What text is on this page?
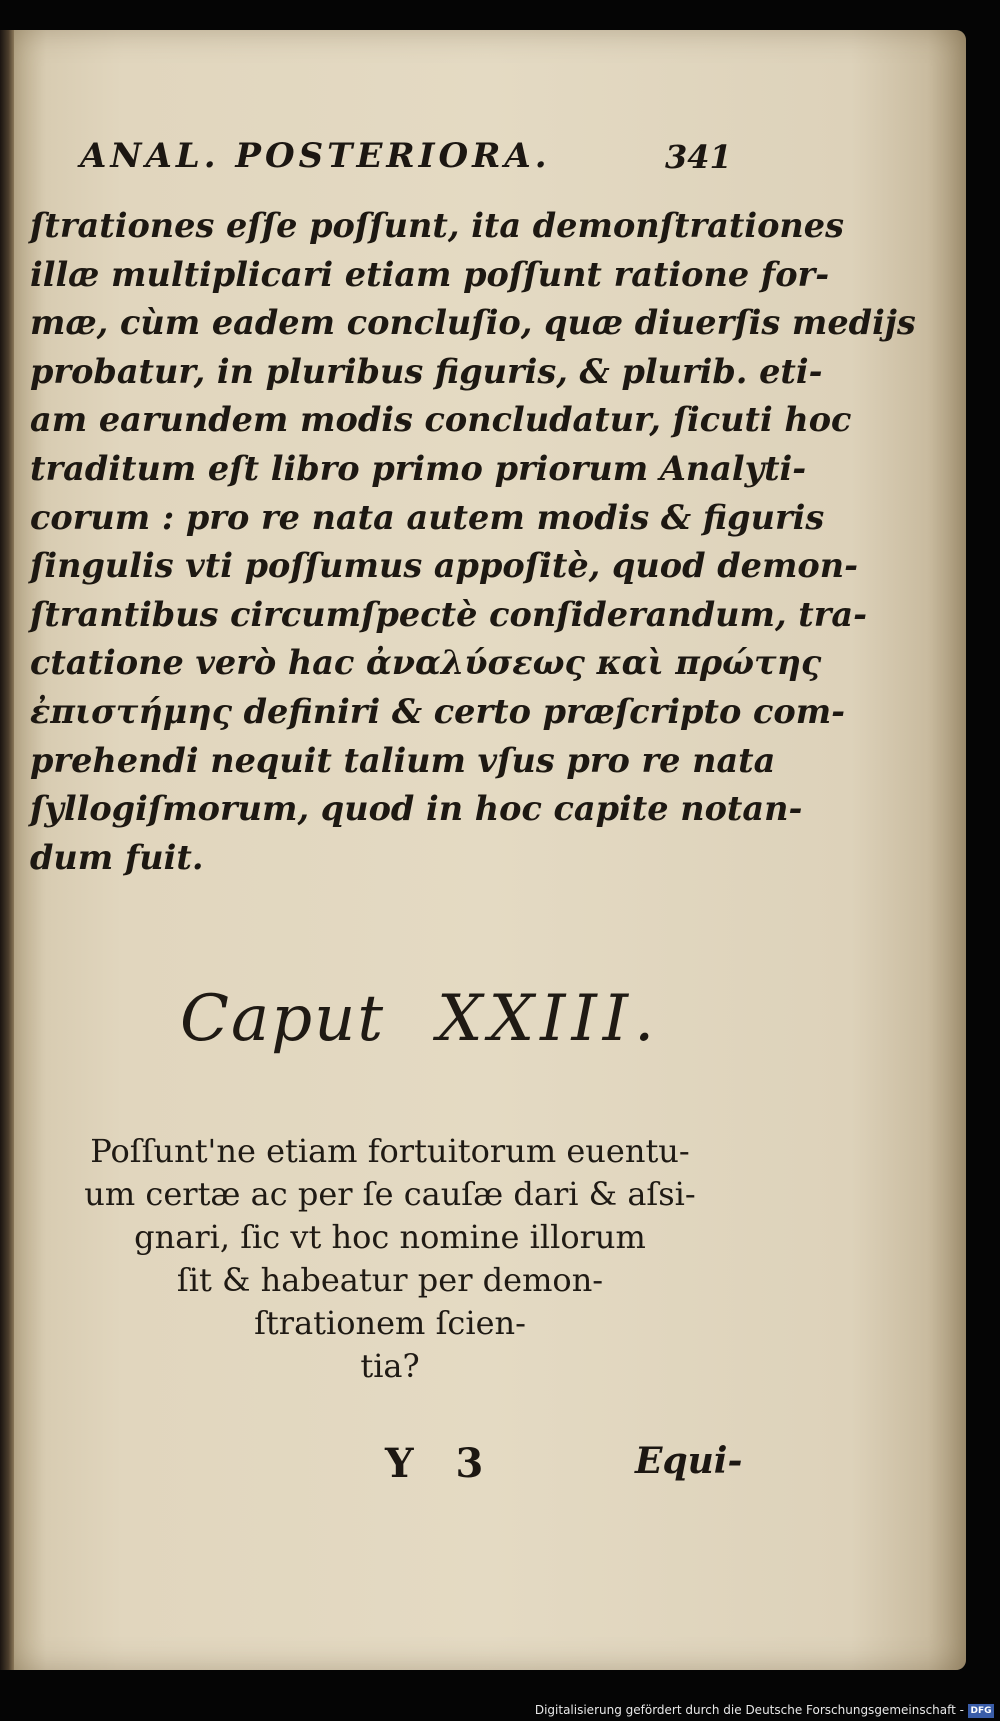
ANAL. POSTERIORA.	341
ſtrationes eſſe poſſunt, ita demonſtrationes
illæ multiplicari etiam poſſunt ratione for-
mæ, cùm eadem concluſio, quæ diuerſis medijs
probatur, in pluribus figuris, & plurib. eti-
am earundem modis concludatur, ſicuti hoc
traditum eſt libro primo priorum Analyti-
corum : pro re nata autem modis & figuris
ſingulis vti poſſumus appoſitè, quod demon-
ſtrantibus circumſpectè conſiderandum, tra-
ctatione verò hac ἀναλύσεως καὶ πρώτης
ἐπιστήμης definiri & certo præſcripto com-
prehendi nequit talium vſus pro re nata
ſyllogiſmorum, quod in hoc capite notan-
dum fuit.
Caput XXIII.
Poſſunt'ne etiam fortuitorum euentu-
um certæ ac per ſe cauſæ dari & aſsi-
gnari, ſic vt hoc nomine illorum
ſit & habeatur per demon-
ſtrationem ſcien-
tia?
Y 3	Equi-
Digitalisierung gefördert durch die Deutsche Forschungsgemeinschaft - DFG
